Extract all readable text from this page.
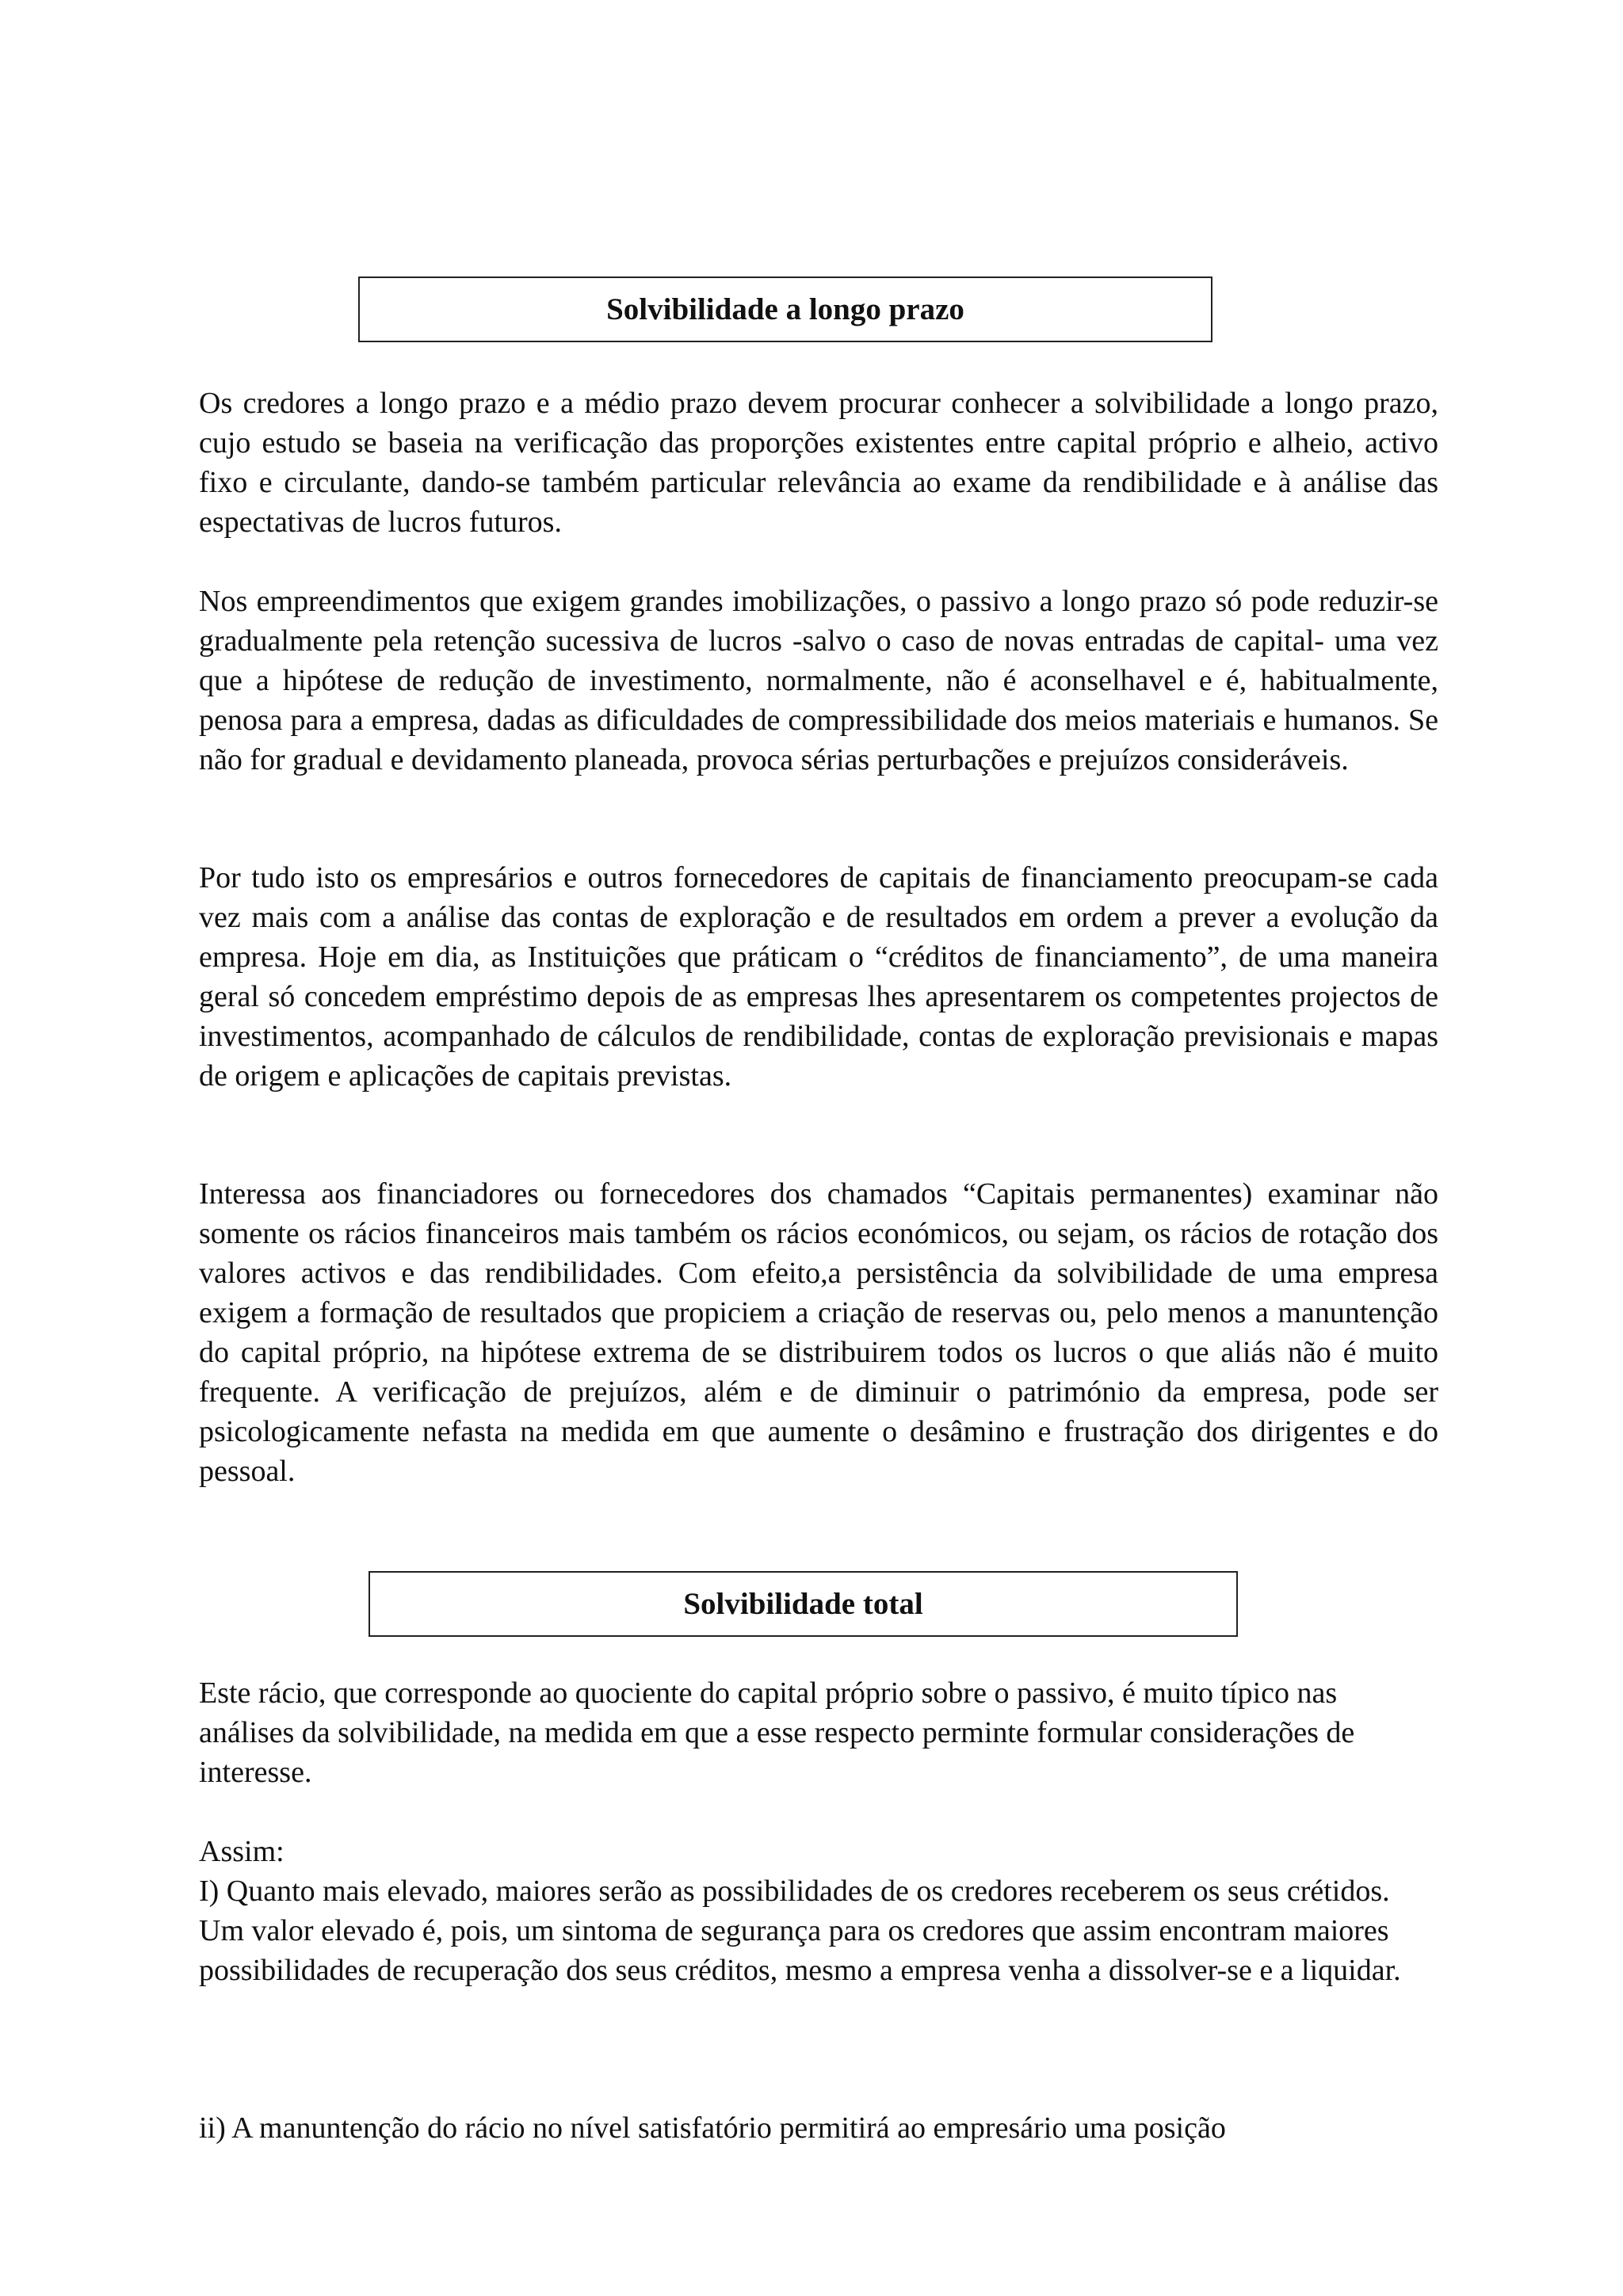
Solvibilidade a longo prazo

Os credores a longo prazo e a médio prazo devem procurar conhecer a solvibilidade a longo prazo, cujo estudo se baseia na verificação das proporções existentes entre capital próprio e alheio, activo fixo e circulante, dando-se também particular relevância ao exame da rendibilidade e à análise das espectativas de lucros futuros.

Nos empreendimentos que exigem grandes imobilizações, o passivo a longo prazo só pode reduzir-se gradualmente pela retenção sucessiva de lucros -salvo o caso de novas entradas de capital- uma vez que a hipótese de redução de investimento, normalmente, não é aconselhavel e é, habitualmente, penosa para a empresa, dadas as dificuldades de compressibilidade dos meios materiais e humanos. Se não for gradual e devidamento planeada, provoca sérias perturbações e prejuízos consideráveis.

Por tudo isto os empresários e outros fornecedores de capitais de financiamento preocupam-se cada vez mais com a análise das contas de exploração e de resultados em ordem a prever a evolução da empresa. Hoje em dia, as Instituições que práticam o “créditos de financiamento”, de uma maneira geral só concedem empréstimo depois de as empresas lhes apresentarem os competentes projectos de investimentos, acompanhado de cálculos de rendibilidade, contas de exploração previsionais e mapas de origem e aplicações de capitais previstas.

Interessa aos financiadores ou fornecedores dos chamados “Capitais permanentes) examinar não somente os rácios financeiros mais também os rácios económicos, ou sejam, os rácios de rotação dos valores activos e das rendibilidades. Com efeito,a persistência da solvibilidade de uma empresa exigem a formação de resultados que propiciem a criação de reservas ou, pelo menos a manuntenção do capital próprio, na hipótese extrema de se distribuirem todos os lucros o que aliás não é muito frequente. A verificação de prejuízos, além e de diminuir o património da empresa, pode ser psicologicamente nefasta na medida em que aumente o desâmino e frustração dos dirigentes e do pessoal.

Solvibilidade total

Este rácio, que corresponde ao quociente do capital próprio sobre o passivo, é muito típico nas análises da solvibilidade, na medida em que a esse respecto perminte formular considerações de interesse.

Assim:
I) Quanto mais elevado, maiores serão as possibilidades de os credores receberem os seus crétidos. Um valor elevado é, pois, um sintoma de segurança para os credores que assim encontram maiores possibilidades de recuperação dos seus créditos, mesmo a empresa venha a dissolver-se e a liquidar.

ii) A manuntenção do rácio no nível satisfatório permitirá ao empresário uma posição
